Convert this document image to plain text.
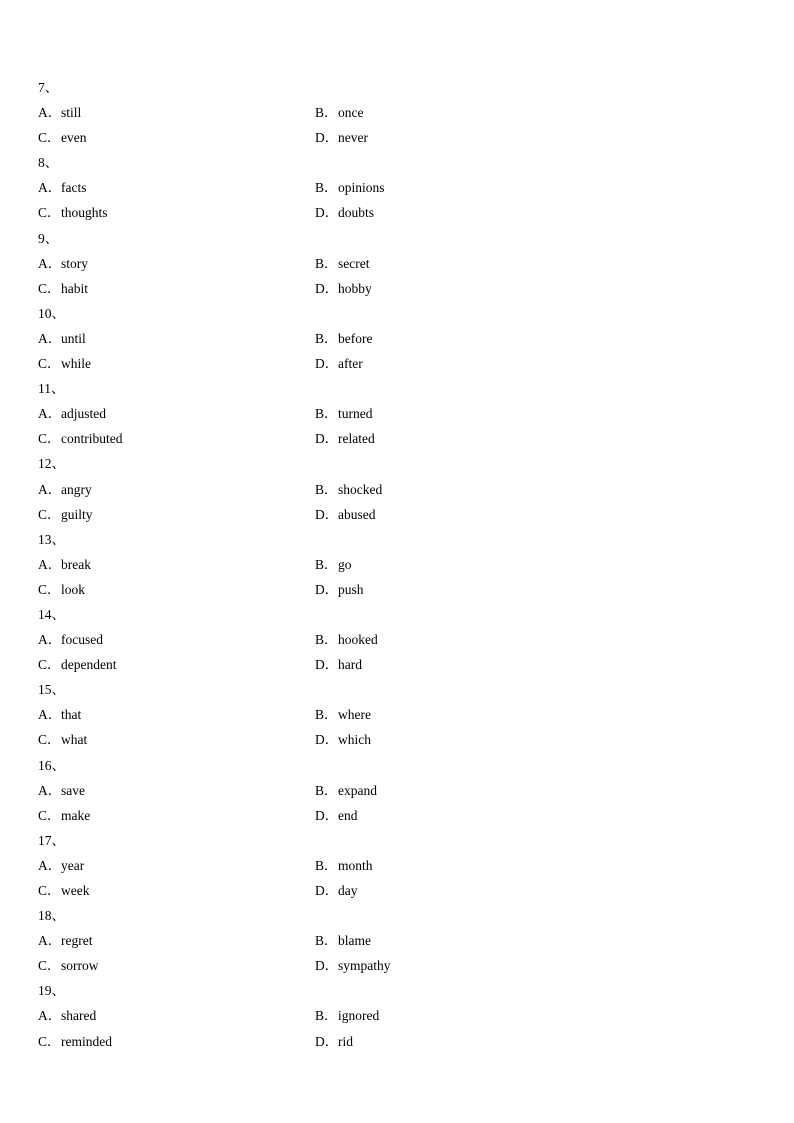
7、
A．still	B．once
C．even	D．never
8、
A．facts	B．opinions
C．thoughts	D．doubts
9、
A．story	B．secret
C．habit	D．hobby
10、
A．until	B．before
C．while	D．after
11、
A．adjusted	B．turned
C．contributed	D．related
12、
A．angry	B．shocked
C．guilty	D．abused
13、
A．break	B．go
C．look	D．push
14、
A．focused	B．hooked
C．dependent	D．hard
15、
A．that	B．where
C．what	D．which
16、
A．save	B．expand
C．make	D．end
17、
A．year	B．month
C．week	D．day
18、
A．regret	B．blame
C．sorrow	D．sympathy
19、
A．shared	B．ignored
C．reminded	D．rid
